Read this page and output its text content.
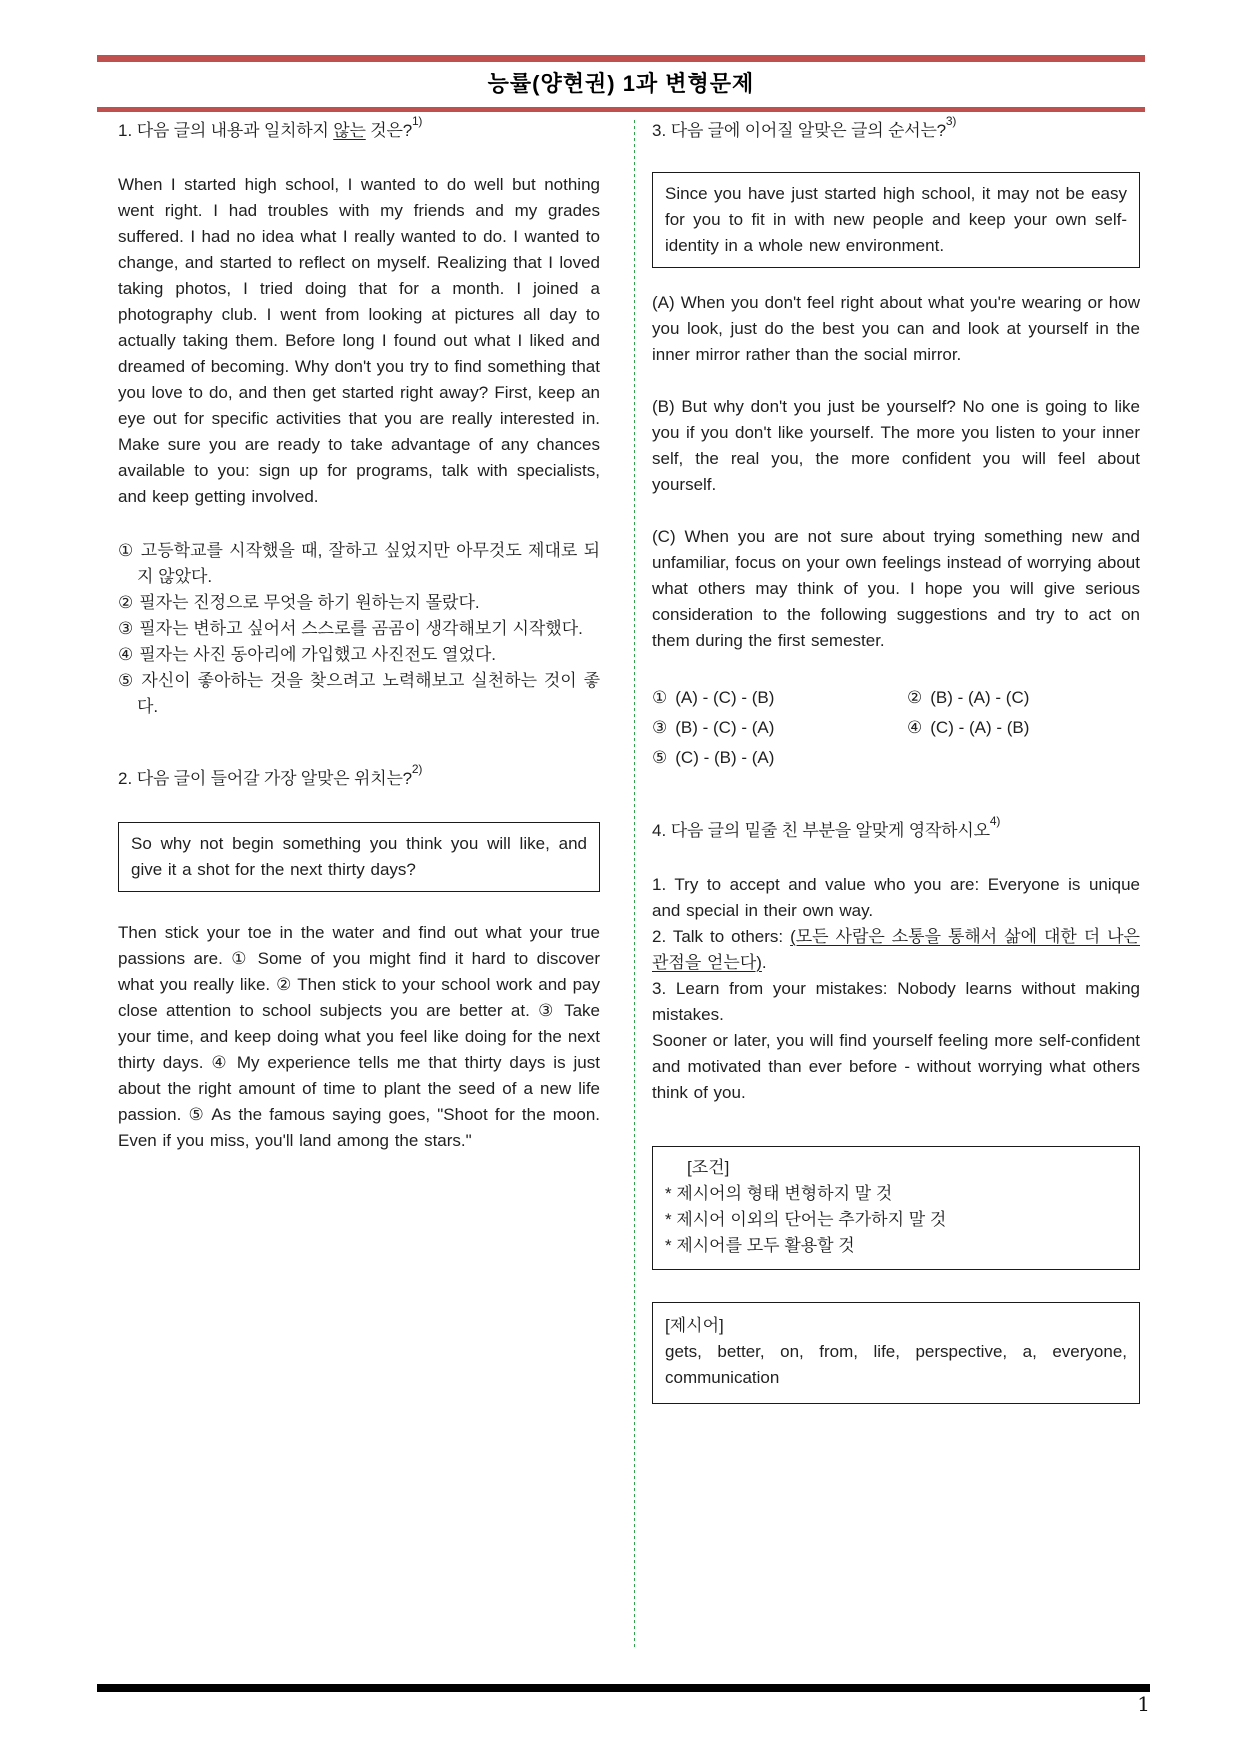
능률(양현권) 1과 변형문제

1. 다음 글의 내용과 일치하지 않는 것은?$^{1)}$

When I started high school, I wanted to do well but nothing went right. I had troubles with my friends and my grades suffered. I had no idea what I really wanted to do. I wanted to change, and started to reflect on myself. Realizing that I loved taking photos, I tried doing that for a month. I joined a photography club. I went from looking at pictures all day to actually taking them. Before long I found out what I liked and dreamed of becoming. Why don't you try to find something that you love to do, and then get started right away? First, keep an eye out for specific activities that you are really interested in. Make sure you are ready to take advantage of any chances available to you: sign up for programs, talk with specialists, and keep getting involved.

① 고등학교를 시작했을 때, 잘하고 싶었지만 아무것도 제대로 되지 않았다.

② 필자는 진정으로 무엇을 하기 원하는지 몰랐다.

③ 필자는 변하고 싶어서 스스로를 곰곰이 생각해보기 시작했다.

④ 필자는 사진 동아리에 가입했고 사진전도 열었다.

⑤ 자신이 좋아하는 것을 찾으려고 노력해보고 실천하는 것이 좋다.

2. 다음 글이 들어갈 가장 알맞은 위치는?$^{2)}$

So why not begin something you think you will like, and give it a shot for the next thirty days?

Then stick your toe in the water and find out what your true passions are. ① Some of you might find it hard to discover what you really like. ② Then stick to your school work and pay close attention to school subjects you are better at. ③ Take your time, and keep doing what you feel like doing for the next thirty days. ④ My experience tells me that thirty days is just about the right amount of time to plant the seed of a new life passion. ⑤ As the famous saying goes, "Shoot for the moon. Even if you miss, you'll land among the stars."

3. 다음 글에 이어질 알맞은 글의 순서는?$^{3)}$

Since you have just started high school, it may not be easy for you to fit in with new people and keep your own self-identity in a whole new environment.

(A) When you don't feel right about what you're wearing or how you look, just do the best you can and look at yourself in the inner mirror rather than the social mirror.

(B) But why don't you just be yourself? No one is going to like you if you don't like yourself. The more you listen to your inner self, the real you, the more confident you will feel about yourself.

(C) When you are not sure about trying something new and unfamiliar, focus on your own feelings instead of worrying about what others may think of you. I hope you will give serious consideration to the following suggestions and try to act on them during the first semester.

① (A) - (C) - (B)	② (B) - (A) - (C)

③ (B) - (C) - (A)	④ (C) - (A) - (B)

⑤ (C) - (B) - (A)

4. 다음 글의 밑줄 친 부분을 알맞게 영작하시오$^{4)}$

1. Try to accept and value who you are: Everyone is unique and special in their own way.

2. Talk to others: (모든 사람은 소통을 통해서 삶에 대한 더 나은 관점을 얻는다).

3. Learn from your mistakes: Nobody learns without making mistakes.

Sooner or later, you will find yourself feeling more self-confident and motivated than ever before - without worrying what others think of you.

[조건]

* 제시어의 형태 변형하지 말 것

* 제시어 이외의 단어는 추가하지 말 것

* 제시어를 모두 활용할 것

[제시어]

gets, better, on, from, life, perspective, a, everyone, communication

1
